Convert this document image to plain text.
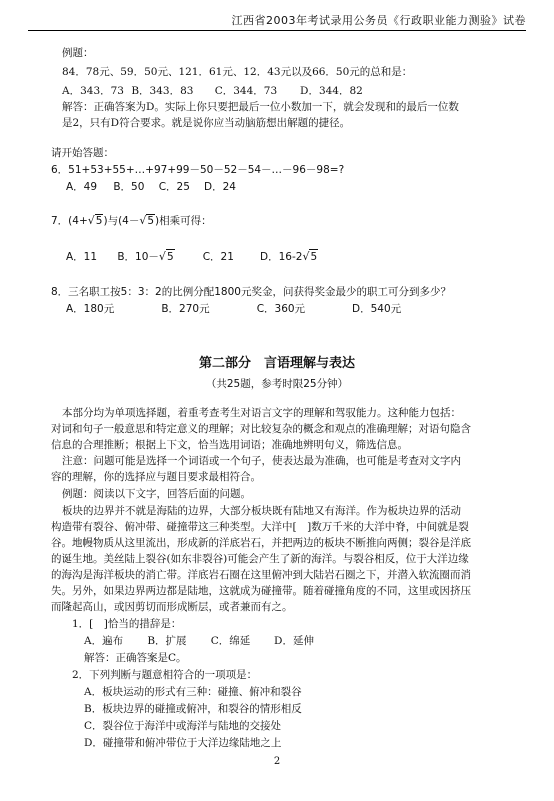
江西省2003年考试录用公务员《行政职业能力测验》试卷
例题：
84．78元、59．50元、121．61元、12．43元以及66．50元的总和是：
A．343．73 B．343．83 C．344．73 D．344．82
解答：正确答案为D。实际上你只要把最后一位小数加一下，就会发现和的最后一位数
是2，只有D符合要求。就是说你应当动脑筋想出解题的捷径。
请开始答题：
6．51+53+55+…+97+99－50－52－54－…－96－98=?
A．49 B．50 C．25 D．24
7．(4+√5)与(4－√5)相乘可得：
A．11 B．10－√5	C．21 D．16-2√5
8．三名职工按5：3：2的比例分配1800元奖金，问获得奖金最少的职工可分到多少？
A．180元	B．270元	C．360元	D．540元
第二部分　言语理解与表达
（共25题，参考时限25分钟）
本部分均为单项选择题，着重考查考生对语言文字的理解和驾驭能力。这种能力包括：
对词和句子一般意思和特定意义的理解；对比较复杂的概念和观点的准确理解；对语句隐含
信息的合理推断；根据上下文，恰当选用词语；准确地辨明句义，筛选信息。
注意：问题可能是选择一个词语或一个句子，使表达最为准确，也可能是考查对文字内
容的理解，你的选择应与题目要求最相符合。
例题：阅读以下文字，回答后面的问题。
板块的边界并不就是海陆的边界，大部分板块既有陆地又有海洋。作为板块边界的活动
构造带有裂谷、俯冲带、碰撞带这三种类型。大洋中[　]数万千米的大洋中脊，中间就是裂
谷。地幔物质从这里流出，形成新的洋底岩石，并把两边的板块不断推向两侧；裂谷是洋底
的诞生地。美丝陆上裂谷(如东非裂谷)可能会产生了新的海洋。与裂谷相反，位于大洋边缘
的海沟是海洋板块的消亡带。洋底岩石圈在这里俯冲到大陆岩石圈之下，并潜入软流圈而消
失。另外，如果边界两边都是陆地，这就成为碰撞带。随着碰撞角度的不同，这里或因挤压
而隆起高山，或因剪切而形成断层，或者兼而有之。
1．[　]恰当的措辞是：
A．遍布 B．扩展 C．绵延 D．延伸
解答：正确答案是C。
2．下列判断与题意相符合的一项项是：
A．板块运动的形式有三种：碰撞、俯冲和裂谷
B．板块边界的碰撞或俯冲，和裂谷的情形相反
C．裂谷位于海洋中或海洋与陆地的交接处
D．碰撞带和俯冲带位于大洋边缘陆地之上
2
